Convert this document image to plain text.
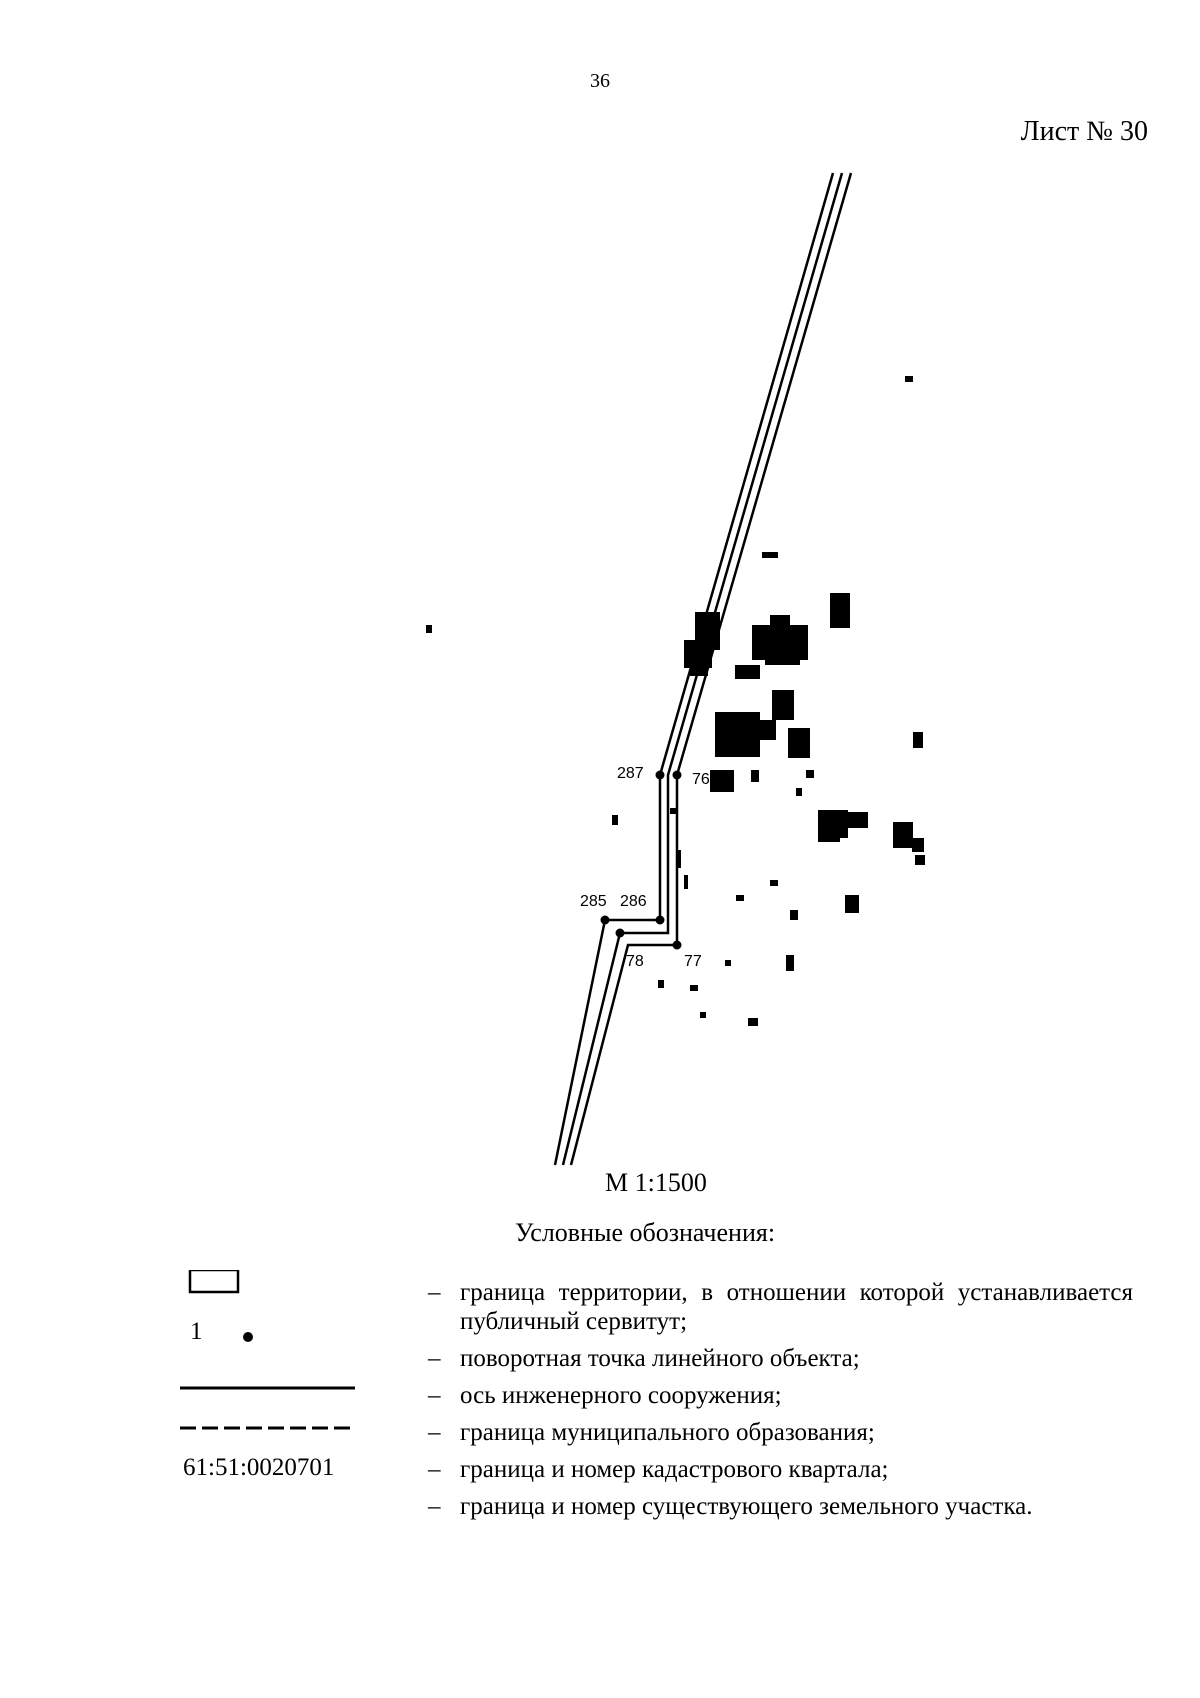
36
Лист № 30
287	76
285 286
78	77
М 1:1500
Условные обозначения:
1
61:51:0020701
– граница территории, в отношении которой устанавливается публичный сервитут;
– поворотная точка линейного объекта;
– ось инженерного сооружения;
– граница муниципального образования;
– граница и номер кадастрового квартала;
– граница и номер существующего земельного участка.
